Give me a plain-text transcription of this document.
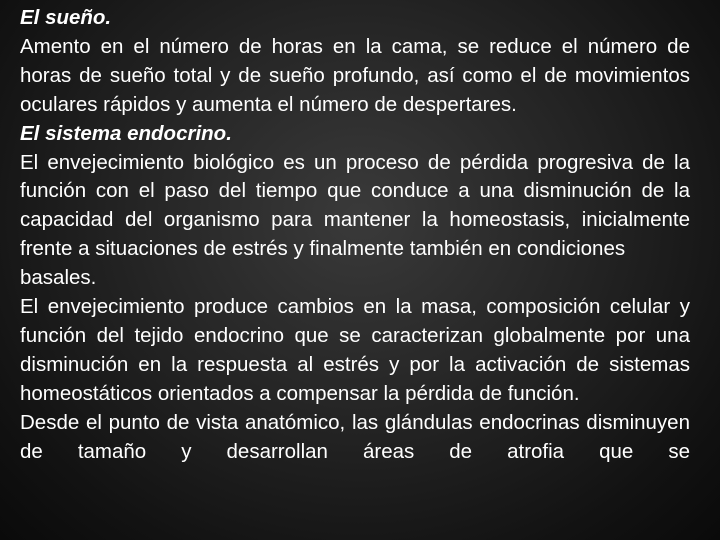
El sueño.

Amento en el número de horas en la cama, se reduce el número de horas de sueño total y de sueño profundo, así como el de movimientos oculares rápidos y aumenta el número de despertares.

El sistema endocrino.

El envejecimiento biológico es un proceso de pérdida progresiva de la función con el paso del tiempo que conduce a una disminución de la capacidad del organismo para mantener la homeostasis, inicialmente frente a situaciones de estrés y finalmente también en condiciones

basales.

El envejecimiento produce cambios en la masa, composición celular y función del tejido endocrino que se caracterizan globalmente por una disminución en la respuesta al estrés y por la activación de sistemas homeostáticos orientados a compensar la pérdida de función.

Desde el punto de vista anatómico, las glándulas endocrinas disminuyen de tamaño y desarrollan áreas de atrofia que se
